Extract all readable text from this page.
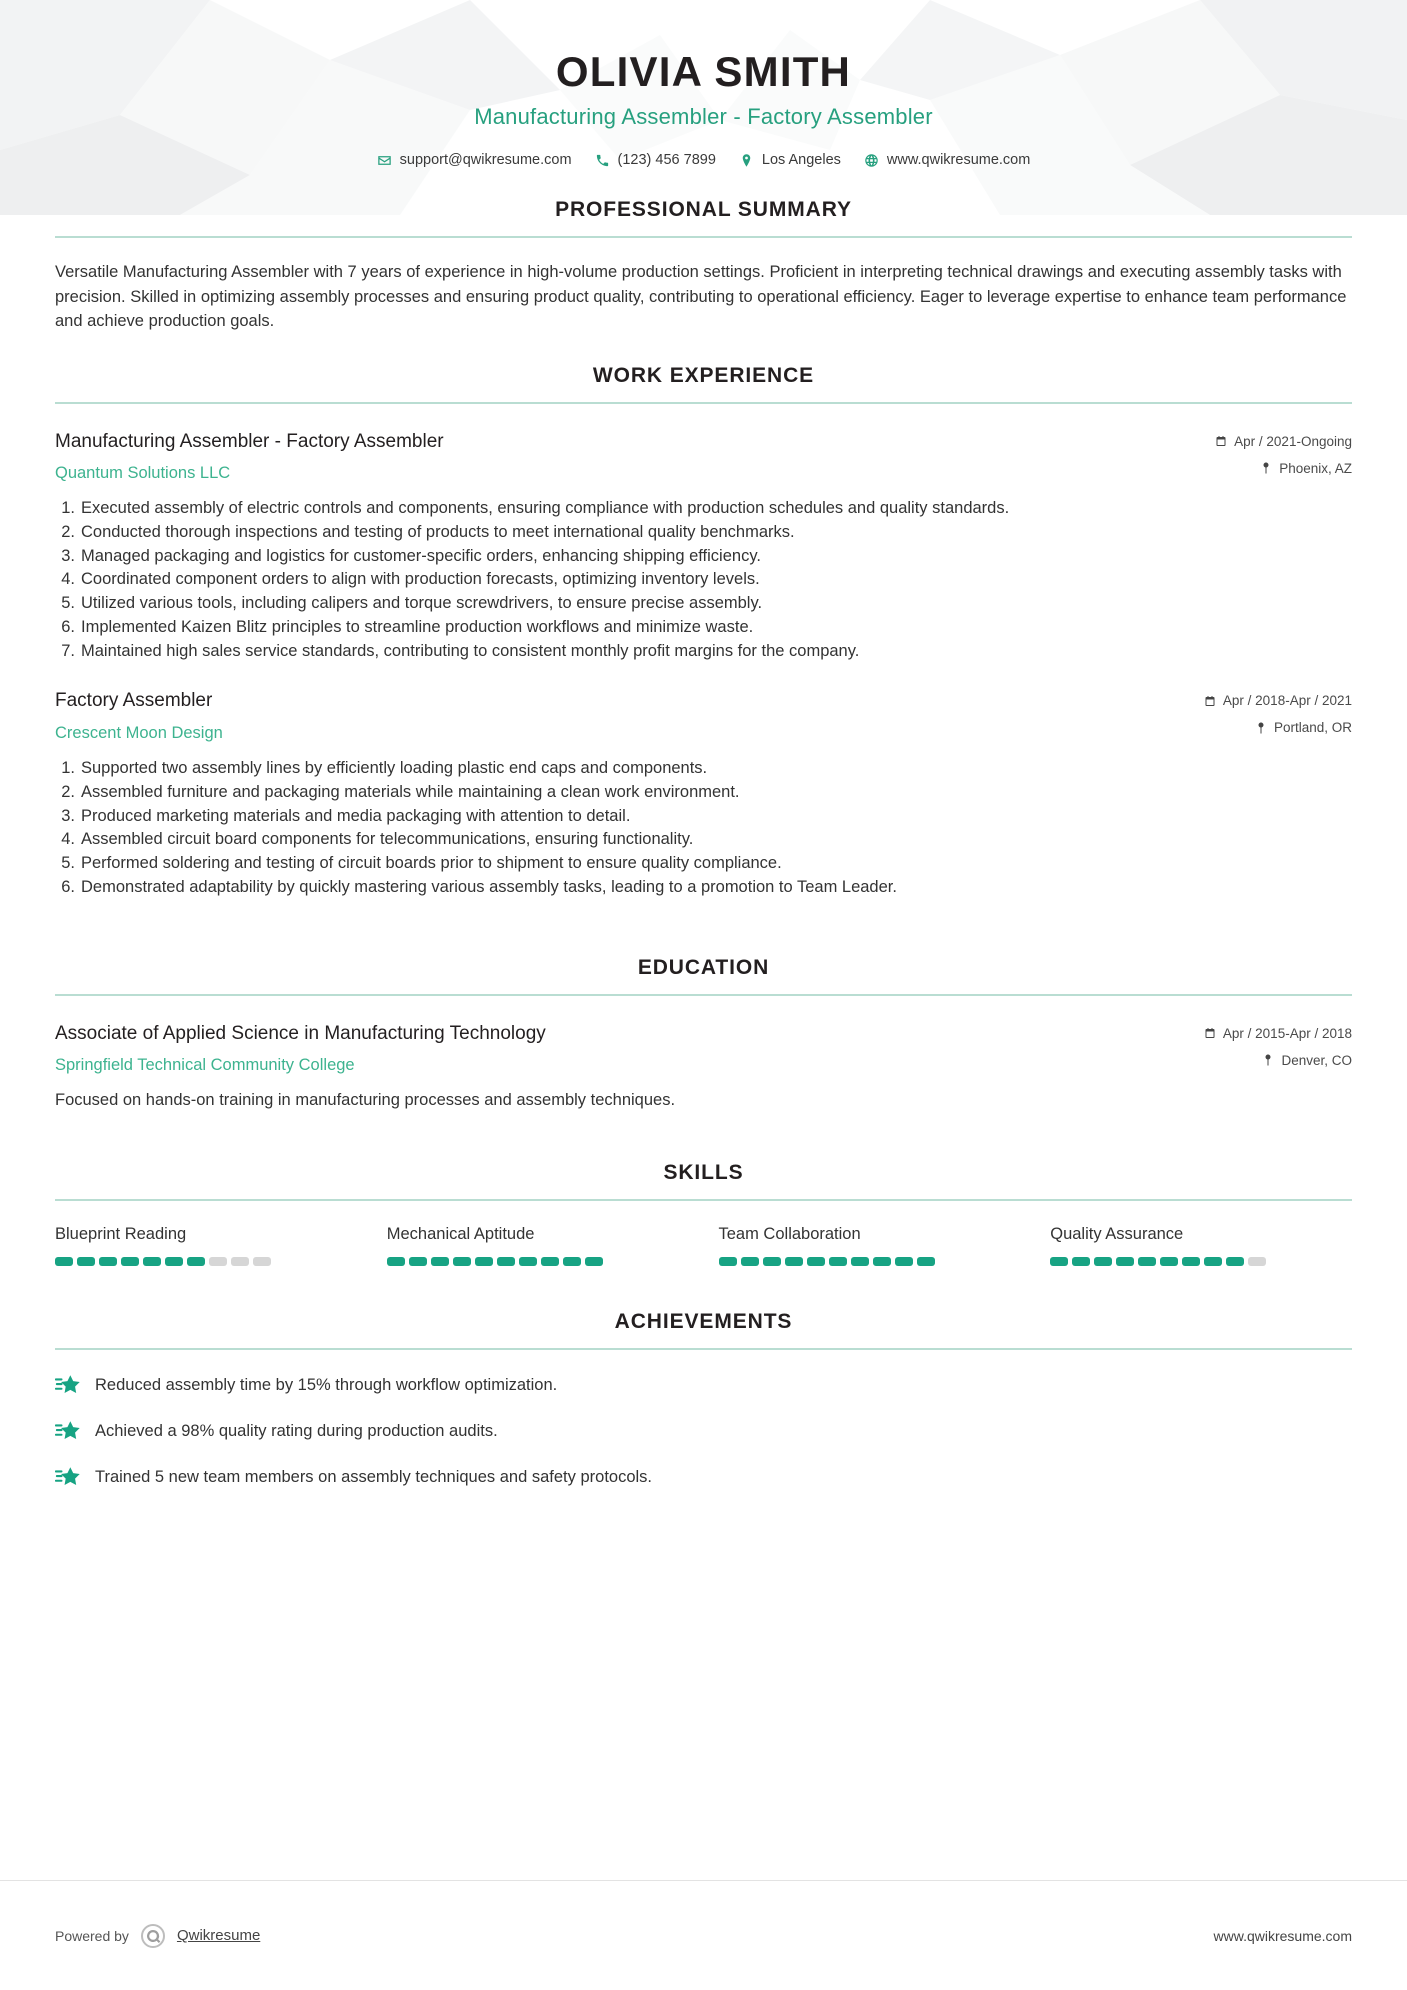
OLIVIA SMITH
Manufacturing Assembler - Factory Assembler
support@qwikresume.com	(123) 456 7899	Los Angeles	www.qwikresume.com
PROFESSIONAL SUMMARY
Versatile Manufacturing Assembler with 7 years of experience in high-volume production settings. Proficient in interpreting technical drawings and executing assembly tasks with precision. Skilled in optimizing assembly processes and ensuring product quality, contributing to operational efficiency. Eager to leverage expertise to enhance team performance and achieve production goals.
WORK EXPERIENCE
Manufacturing Assembler - Factory Assembler
Quantum Solutions LLC
Apr / 2021-Ongoing
Phoenix, AZ
1. Executed assembly of electric controls and components, ensuring compliance with production schedules and quality standards.
2. Conducted thorough inspections and testing of products to meet international quality benchmarks.
3. Managed packaging and logistics for customer-specific orders, enhancing shipping efficiency.
4. Coordinated component orders to align with production forecasts, optimizing inventory levels.
5. Utilized various tools, including calipers and torque screwdrivers, to ensure precise assembly.
6. Implemented Kaizen Blitz principles to streamline production workflows and minimize waste.
7. Maintained high sales service standards, contributing to consistent monthly profit margins for the company.
Factory Assembler
Crescent Moon Design
Apr / 2018-Apr / 2021
Portland, OR
1. Supported two assembly lines by efficiently loading plastic end caps and components.
2. Assembled furniture and packaging materials while maintaining a clean work environment.
3. Produced marketing materials and media packaging with attention to detail.
4. Assembled circuit board components for telecommunications, ensuring functionality.
5. Performed soldering and testing of circuit boards prior to shipment to ensure quality compliance.
6. Demonstrated adaptability by quickly mastering various assembly tasks, leading to a promotion to Team Leader.
EDUCATION
Associate of Applied Science in Manufacturing Technology
Springfield Technical Community College
Apr / 2015-Apr / 2018
Denver, CO
Focused on hands-on training in manufacturing processes and assembly techniques.
SKILLS
Blueprint Reading	Mechanical Aptitude	Team Collaboration	Quality Assurance
ACHIEVEMENTS
Reduced assembly time by 15% through workflow optimization.
Achieved a 98% quality rating during production audits.
Trained 5 new team members on assembly techniques and safety protocols.
Powered by	Qwikresume	www.qwikresume.com
